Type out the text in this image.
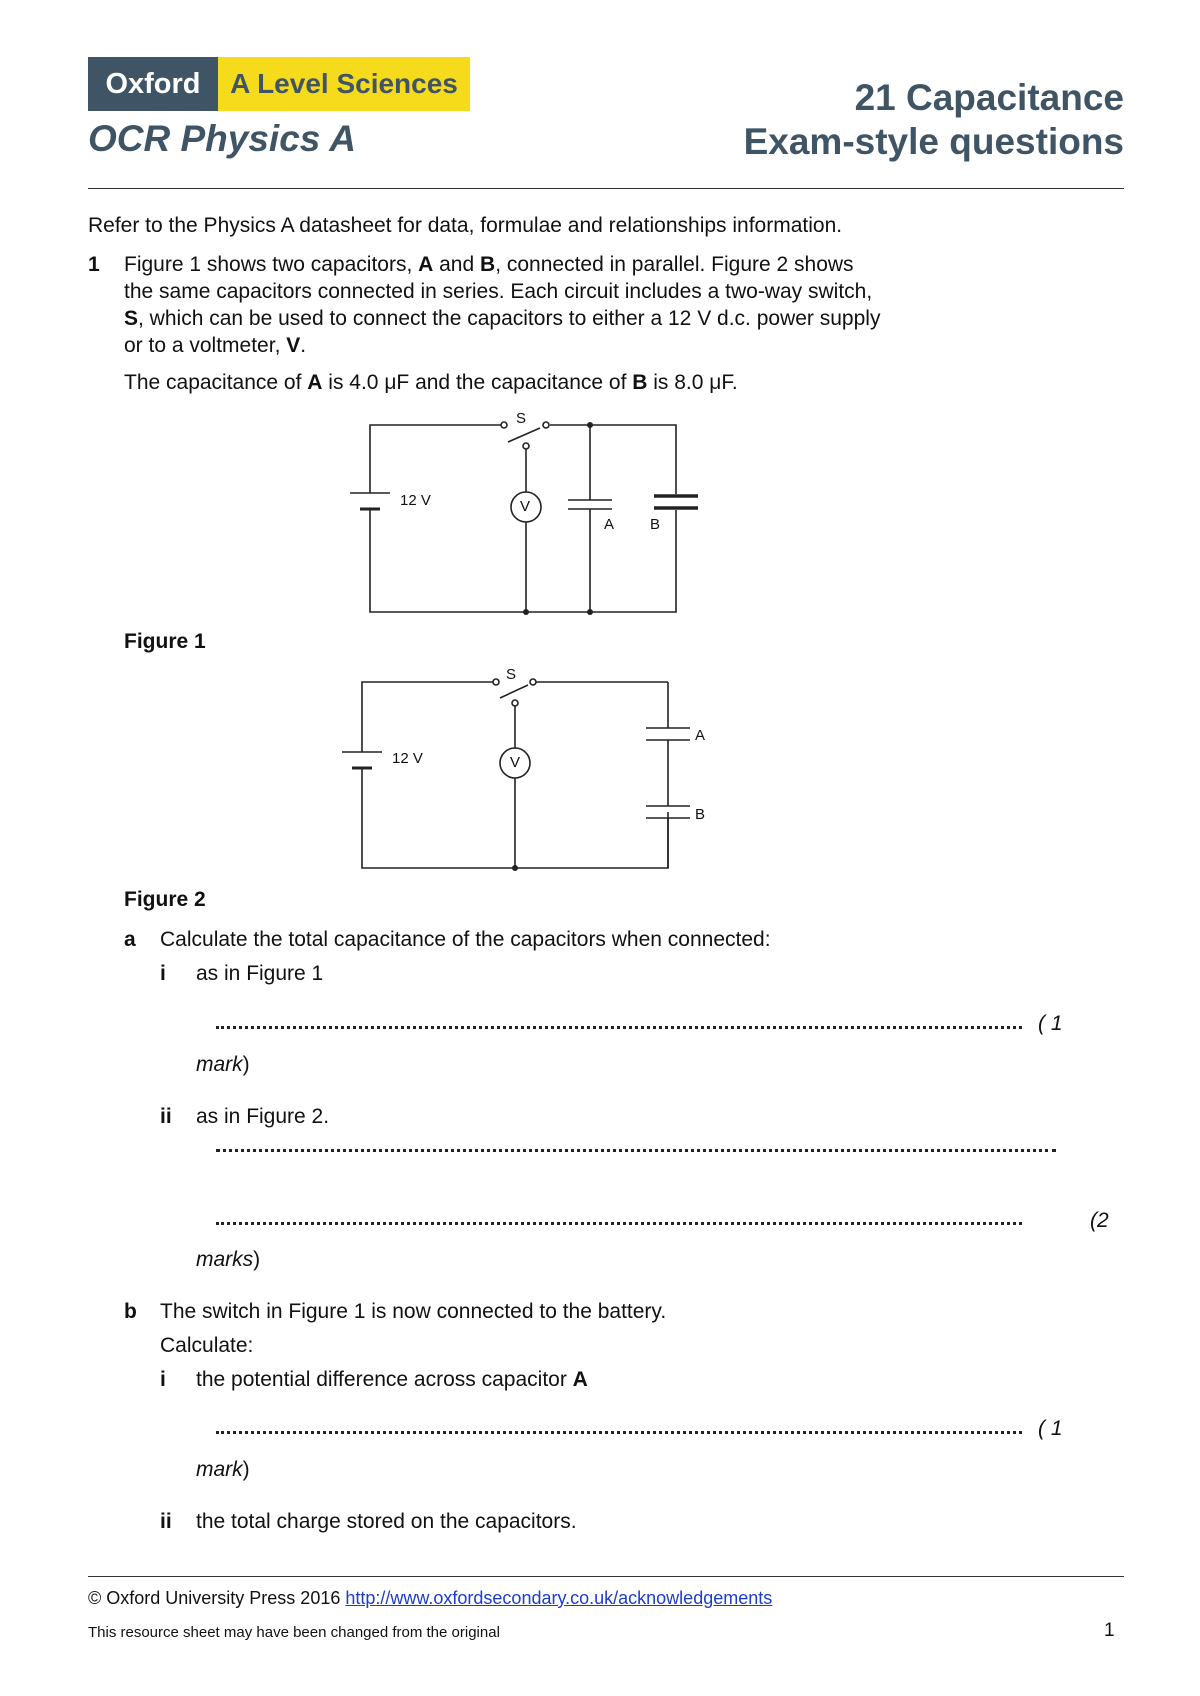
Oxford	A Level Sciences
OCR Physics A
21 Capacitance
Exam-style questions
Refer to the Physics A datasheet for data, formulae and relationships information.
1 Figure 1 shows two capacitors, A and B, connected in parallel. Figure 2 shows
the same capacitors connected in series. Each circuit includes a two-way switch,
S, which can be used to connect the capacitors to either a 12 V d.c. power supply
or to a voltmeter, V.
The capacitance of A is 4.0 μF and the capacitance of B is 8.0 μF.
S
12 V	V
A B
Figure 1
S
12 V	V
A
B
Figure 2
a Calculate the total capacitance of the capacitors when connected:
i as in Figure 1
( 1
mark)
ii as in Figure 2.
(2
marks)
b The switch in Figure 1 is now connected to the battery.
Calculate:
i the potential difference across capacitor A
( 1
mark)
ii the total charge stored on the capacitors.
© Oxford University Press 2016 http://www.oxfordsecondary.co.uk/acknowledgements
This resource sheet may have been changed from the original	1
